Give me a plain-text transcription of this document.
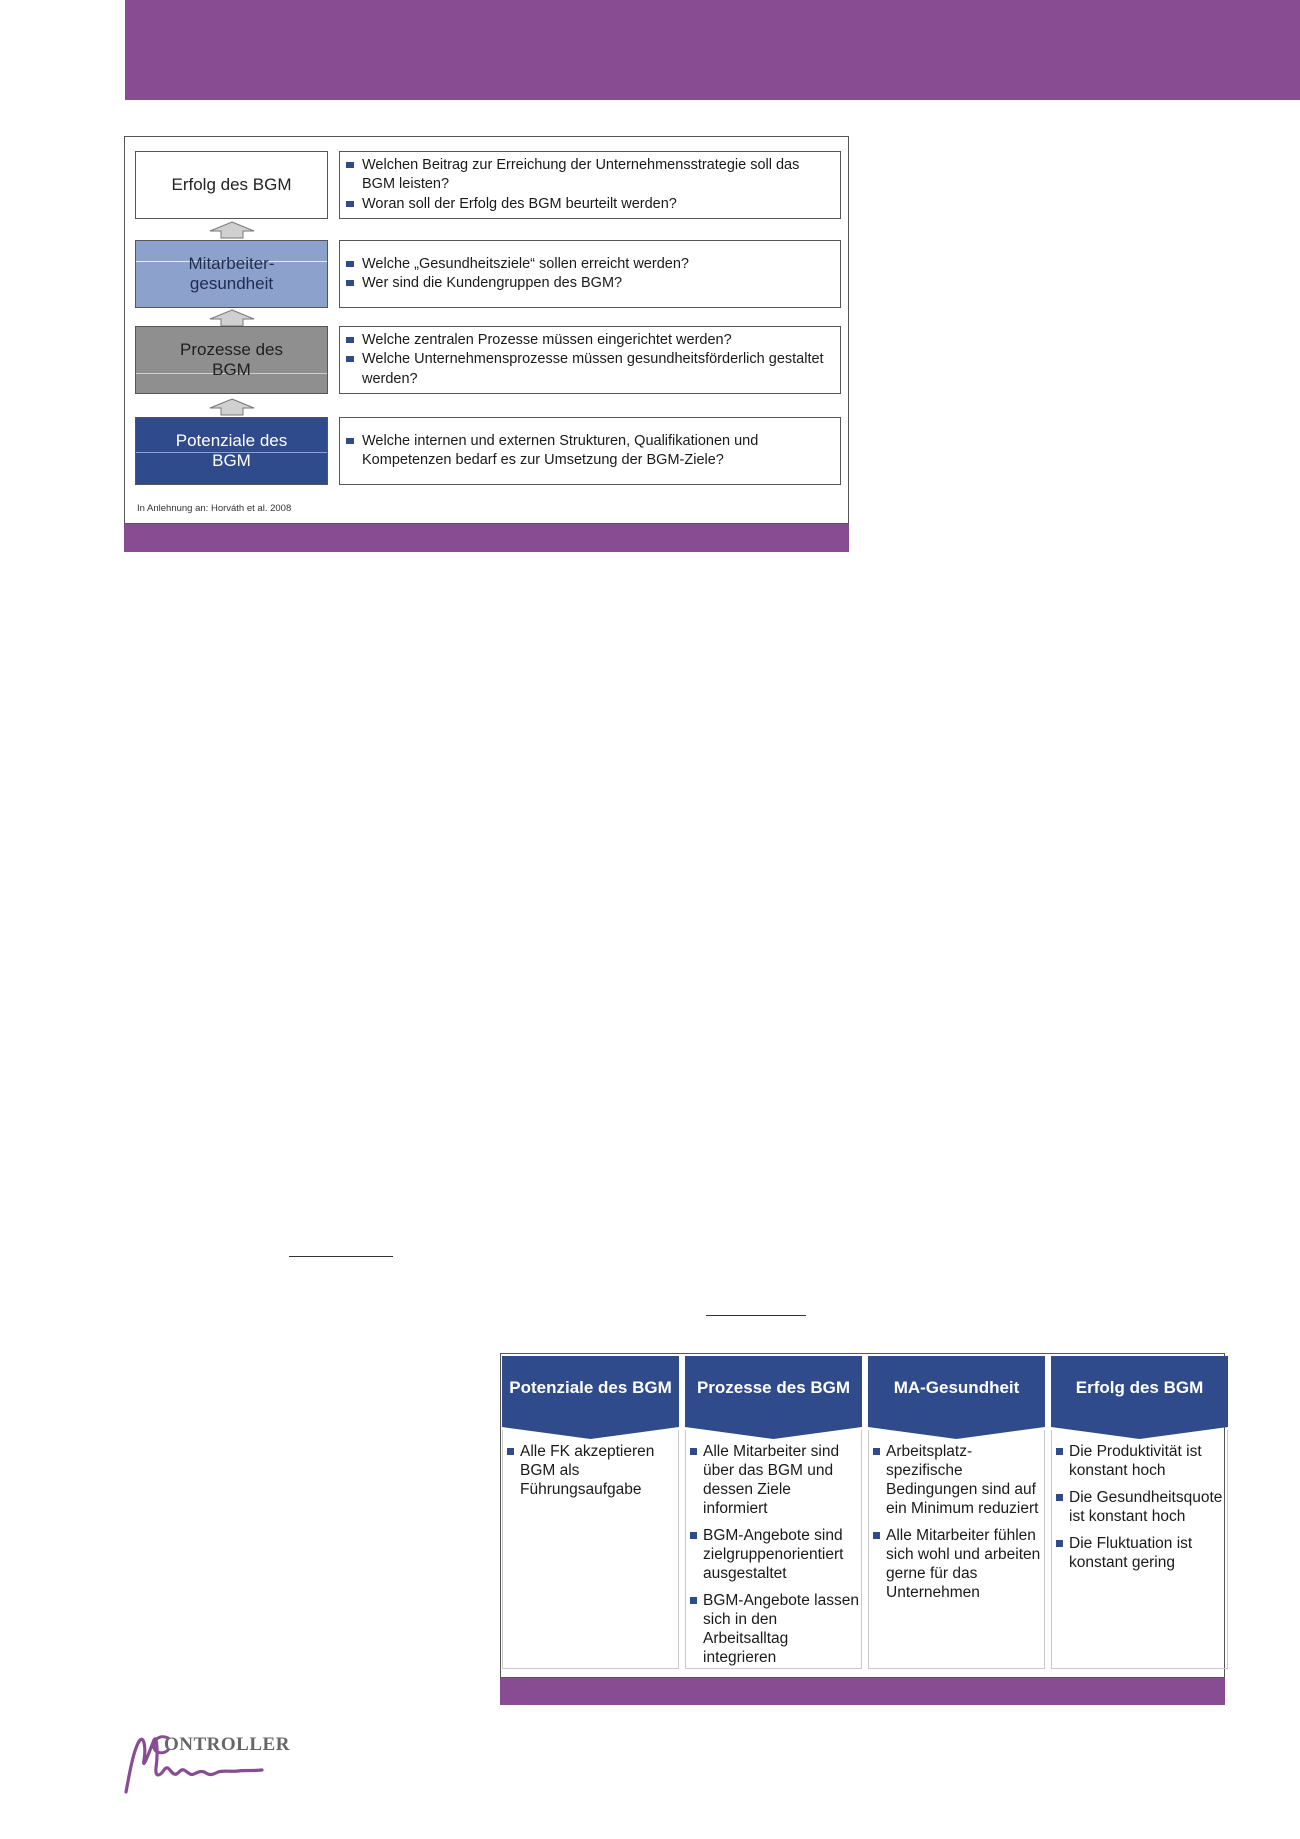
Erfolg des BGM
Mitarbeiter-
gesundheit
Prozesse des
BGM
Potenziale des
BGM
Welchen Beitrag zur Erreichung der Unternehmensstrategie soll das BGM leisten?
Woran soll der Erfolg des BGM beurteilt werden?
Welche „Gesundheitsziele“ sollen erreicht werden?
Wer sind die Kundengruppen des BGM?
Welche zentralen Prozesse müssen eingerichtet werden?
Welche Unternehmensprozesse müssen gesundheitsförderlich gestaltet werden?
Welche internen und externen Strukturen, Qualifikationen und Kompetenzen bedarf es zur Umsetzung der BGM-Ziele?
In Anlehnung an: Horváth et al. 2008
Potenziale des BGM
Alle FK akzeptieren BGM als Führungsaufgabe
Prozesse des BGM
Alle Mitarbeiter sind über das BGM und dessen Ziele informiert
BGM-Angebote sind zielgruppenorientiert ausgestaltet
BGM-Angebote lassen sich in den Arbeitsalltag integrieren
MA-Gesundheit
Arbeitsplatz-spezifische Bedingungen sind auf ein Minimum reduziert
Alle Mitarbeiter fühlen sich wohl und arbeiten gerne für das Unternehmen
Erfolg des BGM
Die Produktivität ist konstant hoch
Die Gesundheitsquote ist konstant hoch
Die Fluktuation ist konstant gering
ONTROLLER
